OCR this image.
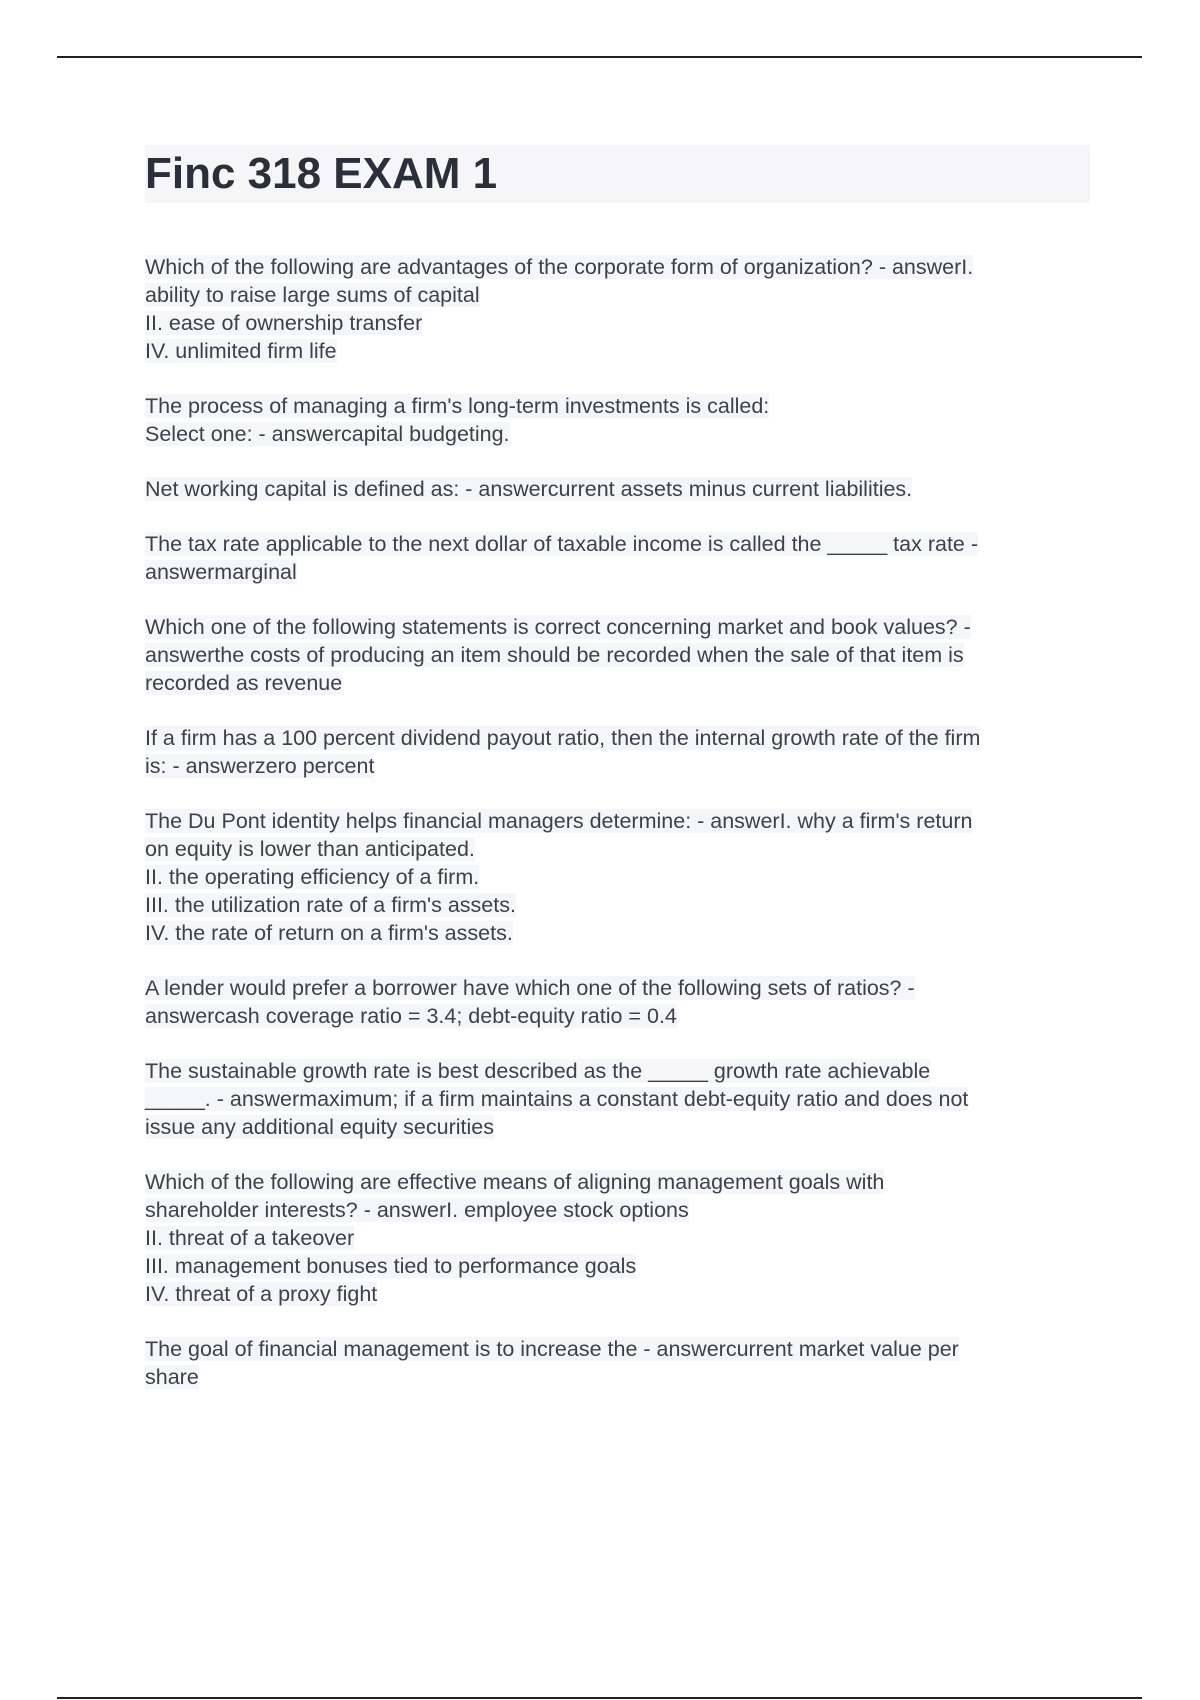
Finc 318 EXAM 1
Which of the following are advantages of the corporate form of organization? - answerI.
ability to raise large sums of capital
II. ease of ownership transfer
IV. unlimited firm life
The process of managing a firm's long-term investments is called:
Select one: - answercapital budgeting.
Net working capital is defined as: - answercurrent assets minus current liabilities.
The tax rate applicable to the next dollar of taxable income is called the _____ tax rate -
answermarginal
Which one of the following statements is correct concerning market and book values? -
answerthe costs of producing an item should be recorded when the sale of that item is
recorded as revenue
If a firm has a 100 percent dividend payout ratio, then the internal growth rate of the firm
is: - answerzero percent
The Du Pont identity helps financial managers determine: - answerI. why a firm's return
on equity is lower than anticipated.
II. the operating efficiency of a firm.
III. the utilization rate of a firm's assets.
IV. the rate of return on a firm's assets.
A lender would prefer a borrower have which one of the following sets of ratios? -
answercash coverage ratio = 3.4; debt-equity ratio = 0.4
The sustainable growth rate is best described as the _____ growth rate achievable
_____. - answermaximum; if a firm maintains a constant debt-equity ratio and does not
issue any additional equity securities
Which of the following are effective means of aligning management goals with
shareholder interests? - answerI. employee stock options
II. threat of a takeover
III. management bonuses tied to performance goals
IV. threat of a proxy fight
The goal of financial management is to increase the - answercurrent market value per
share
